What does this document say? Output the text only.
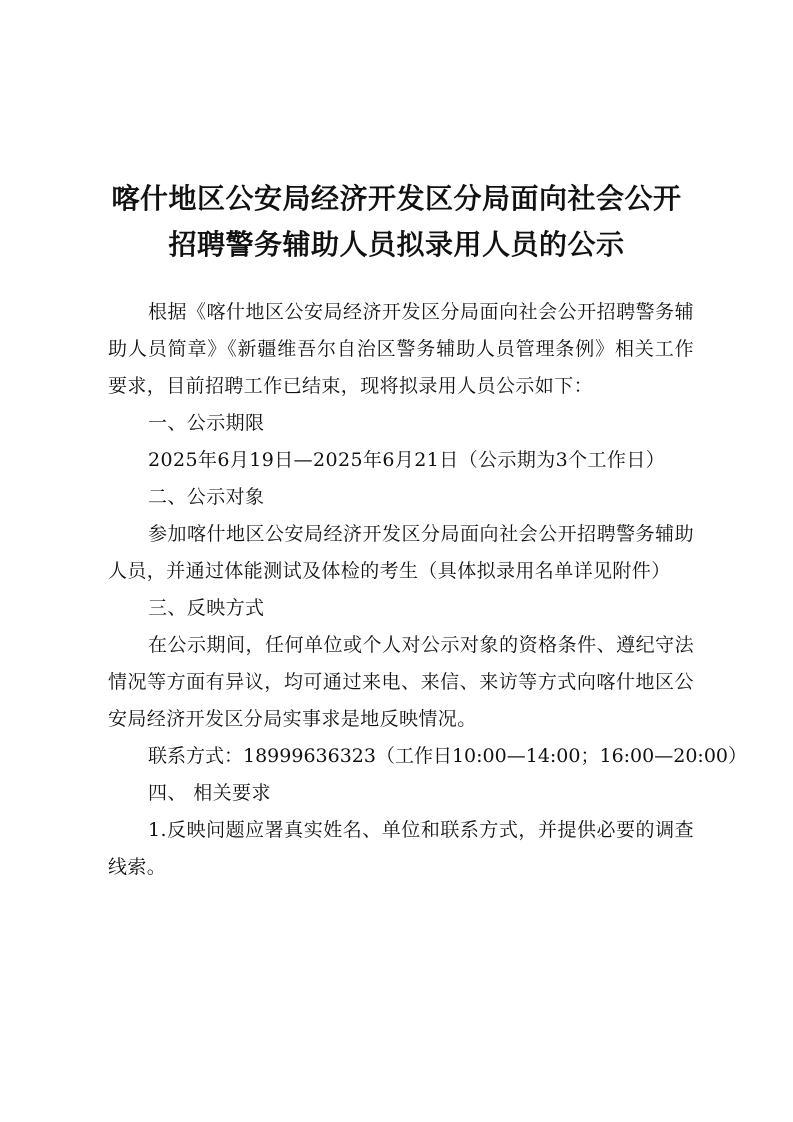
喀什地区公安局经济开发区分局面向社会公开
招聘警务辅助人员拟录用人员的公示

根据《喀什地区公安局经济开发区分局面向社会公开招聘警务辅助人员简章》《新疆维吾尔自治区警务辅助人员管理条例》相关工作要求，目前招聘工作已结束，现将拟录用人员公示如下：

一、公示期限

2025年6月19日—2025年6月21日（公示期为3个工作日）

二、公示对象

参加喀什地区公安局经济开发区分局面向社会公开招聘警务辅助人员，并通过体能测试及体检的考生（具体拟录用名单详见附件）

三、反映方式

在公示期间，任何单位或个人对公示对象的资格条件、遵纪守法情况等方面有异议，均可通过来电、来信、来访等方式向喀什地区公安局经济开发区分局实事求是地反映情况。

联系方式：18999636323（工作日10:00—14:00；16:00—20:00）

四、 相关要求

1.反映问题应署真实姓名、单位和联系方式，并提供必要的调查线索。
